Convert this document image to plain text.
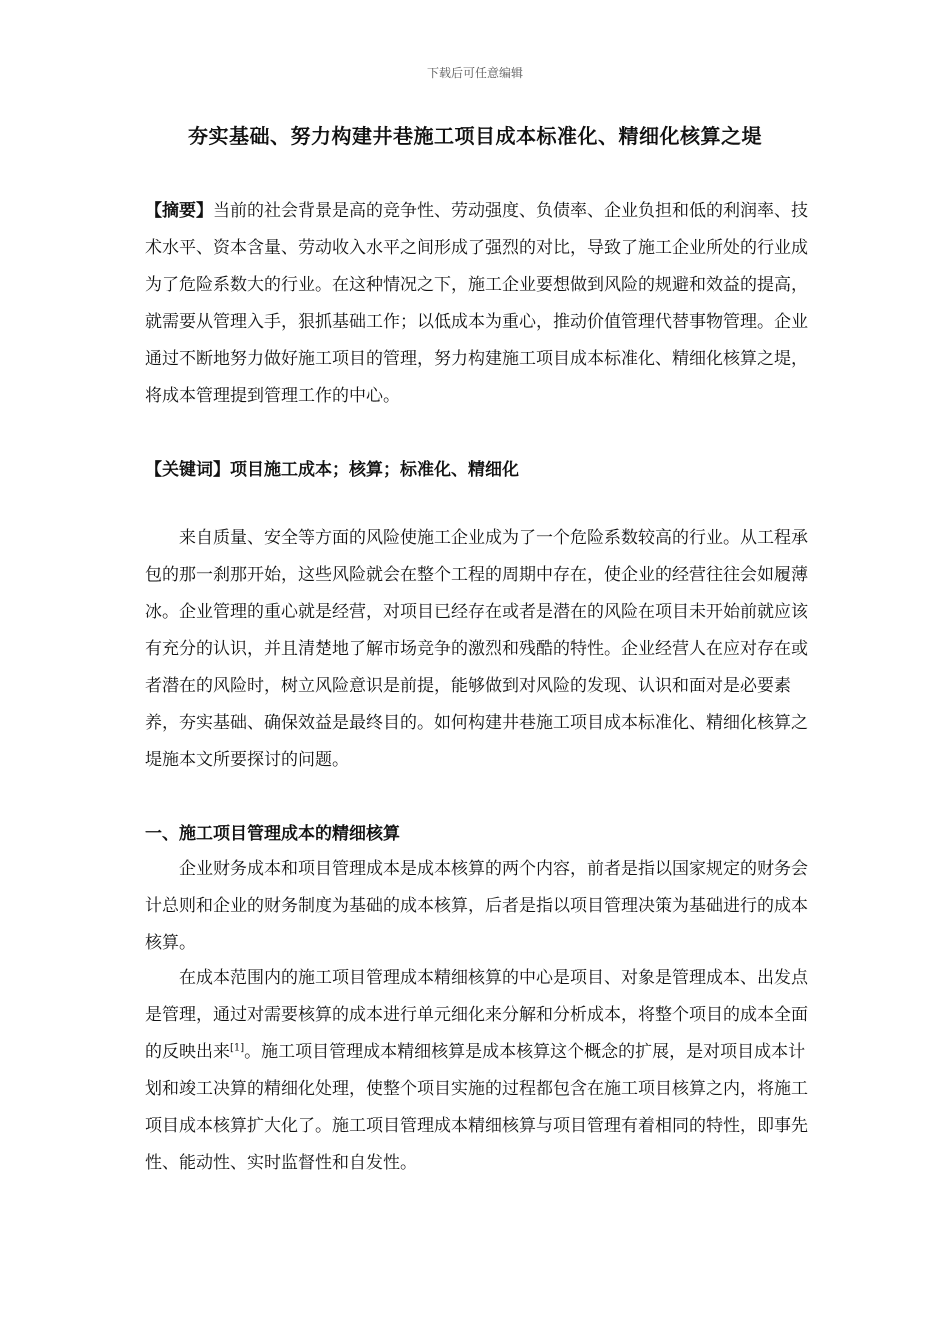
下载后可任意编辑
夯实基础、努力构建井巷施工项目成本标准化、精细化核算之堤

【摘要】当前的社会背景是高的竞争性、劳动强度、负债率、企业负担和低的利润率、技术水平、资本含量、劳动收入水平之间形成了强烈的对比，导致了施工企业所处的行业成为了危险系数大的行业。在这种情况之下，施工企业要想做到风险的规避和效益的提高，就需要从管理入手，狠抓基础工作；以低成本为重心，推动价值管理代替事物管理。企业通过不断地努力做好施工项目的管理，努力构建施工项目成本标准化、精细化核算之堤，将成本管理提到管理工作的中心。

【关键词】项目施工成本；核算；标准化、精细化

来自质量、安全等方面的风险使施工企业成为了一个危险系数较高的行业。从工程承包的那一刹那开始，这些风险就会在整个工程的周期中存在，使企业的经营往往会如履薄冰。企业管理的重心就是经营，对项目已经存在或者是潜在的风险在项目未开始前就应该有充分的认识，并且清楚地了解市场竞争的激烈和残酷的特性。企业经营人在应对存在或者潜在的风险时，树立风险意识是前提，能够做到对风险的发现、认识和面对是必要素养，夯实基础、确保效益是最终目的。如何构建井巷施工项目成本标准化、精细化核算之堤施本文所要探讨的问题。

一、施工项目管理成本的精细核算

企业财务成本和项目管理成本是成本核算的两个内容，前者是指以国家规定的财务会计总则和企业的财务制度为基础的成本核算，后者是指以项目管理决策为基础进行的成本核算。

在成本范围内的施工项目管理成本精细核算的中心是项目、对象是管理成本、出发点是管理，通过对需要核算的成本进行单元细化来分解和分析成本，将整个项目的成本全面的反映出来[1]。施工项目管理成本精细核算是成本核算这个概念的扩展，是对项目成本计划和竣工决算的精细化处理，使整个项目实施的过程都包含在施工项目核算之内，将施工项目成本核算扩大化了。施工项目管理成本精细核算与项目管理有着相同的特性，即事先性、能动性、实时监督性和自发性。
